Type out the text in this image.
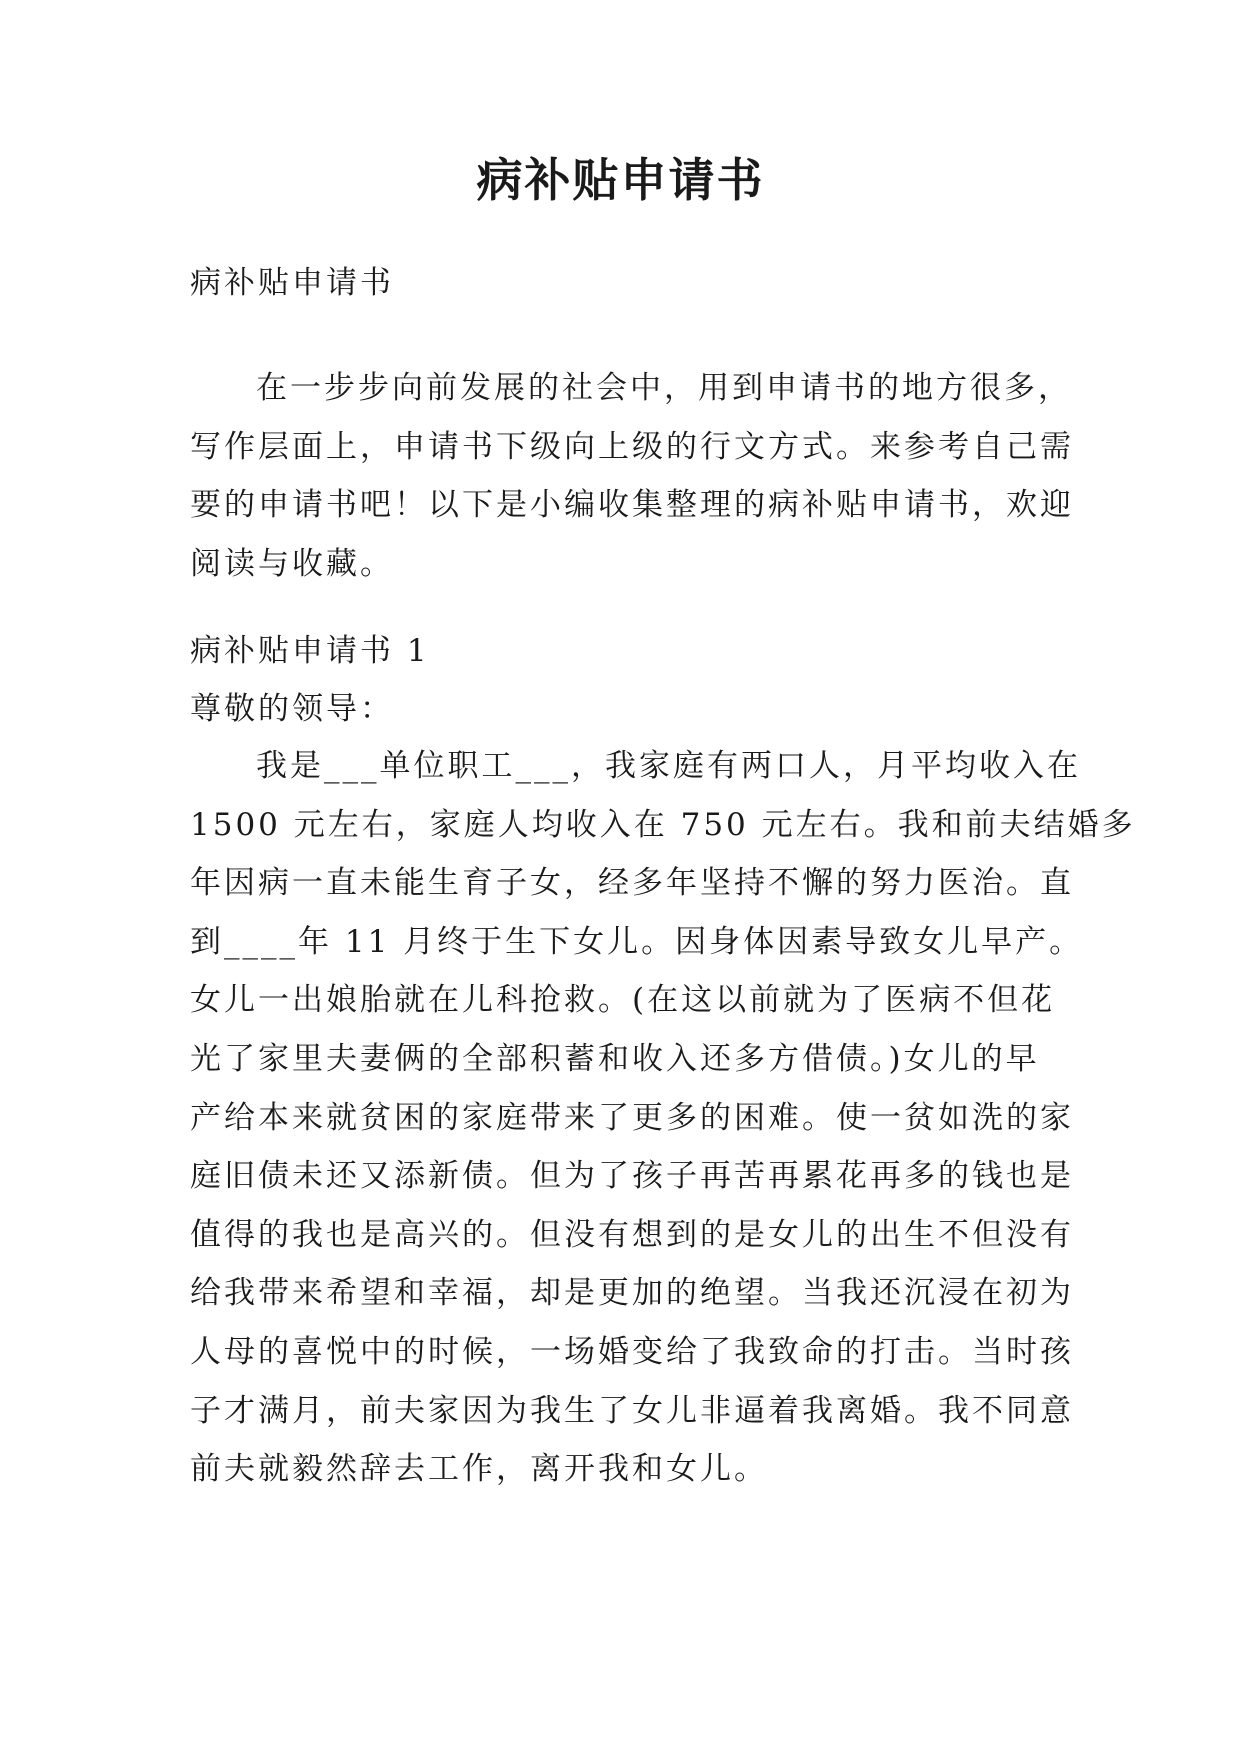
病补贴申请书

病补贴申请书

在一步步向前发展的社会中，用到申请书的地方很多，
写作层面上，申请书下级向上级的行文方式。来参考自己需
要的申请书吧！以下是小编收集整理的病补贴申请书，欢迎
阅读与收藏。

病补贴申请书 1

尊敬的领导：

我是___单位职工___，我家庭有两口人，月平均收入在
1500 元左右，家庭人均收入在 750 元左右。我和前夫结婚多
年因病一直未能生育子女，经多年坚持不懈的努力医治。直
到____年 11 月终于生下女儿。因身体因素导致女儿早产。
女儿一出娘胎就在儿科抢救。(在这以前就为了医病不但花
光了家里夫妻俩的全部积蓄和收入还多方借债。)女儿的早
产给本来就贫困的家庭带来了更多的困难。使一贫如洗的家
庭旧债未还又添新债。但为了孩子再苦再累花再多的钱也是
值得的我也是高兴的。但没有想到的是女儿的出生不但没有
给我带来希望和幸福，却是更加的绝望。当我还沉浸在初为
人母的喜悦中的时候，一场婚变给了我致命的打击。当时孩
子才满月，前夫家因为我生了女儿非逼着我离婚。我不同意
前夫就毅然辞去工作，离开我和女儿。
